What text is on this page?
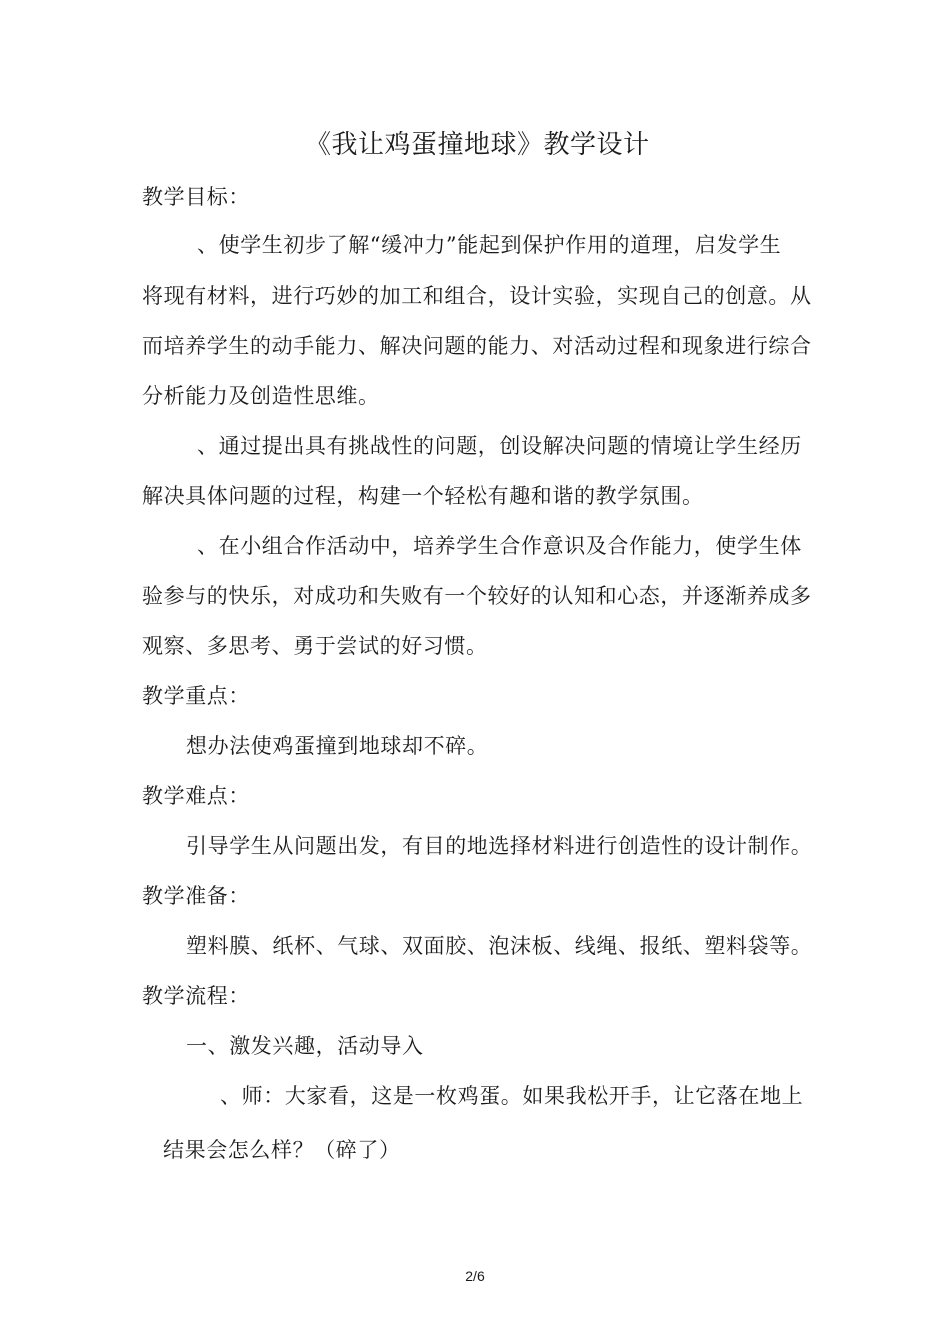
《我让鸡蛋撞地球》教学设计
教学目标：
、使学生初步了解“缓冲力”能起到保护作用的道理，启发学生
将现有材料，进行巧妙的加工和组合，设计实验，实现自己的创意。从
而培养学生的动手能力、解决问题的能力、对活动过程和现象进行综合
分析能力及创造性思维。
、通过提出具有挑战性的问题，创设解决问题的情境让学生经历
解决具体问题的过程，构建一个轻松有趣和谐的教学氛围。
、在小组合作活动中，培养学生合作意识及合作能力，使学生体
验参与的快乐，对成功和失败有一个较好的认知和心态，并逐渐养成多
观察、多思考、勇于尝试的好习惯。
教学重点：
想办法使鸡蛋撞到地球却不碎。
教学难点：
引导学生从问题出发，有目的地选择材料进行创造性的设计制作。
教学准备：
塑料膜、纸杯、气球、双面胶、泡沫板、线绳、报纸、塑料袋等。
教学流程：
一、激发兴趣，活动导入
、师：大家看，这是一枚鸡蛋。如果我松开手，让它落在地上
结果会怎么样？（碎了）
2/6
